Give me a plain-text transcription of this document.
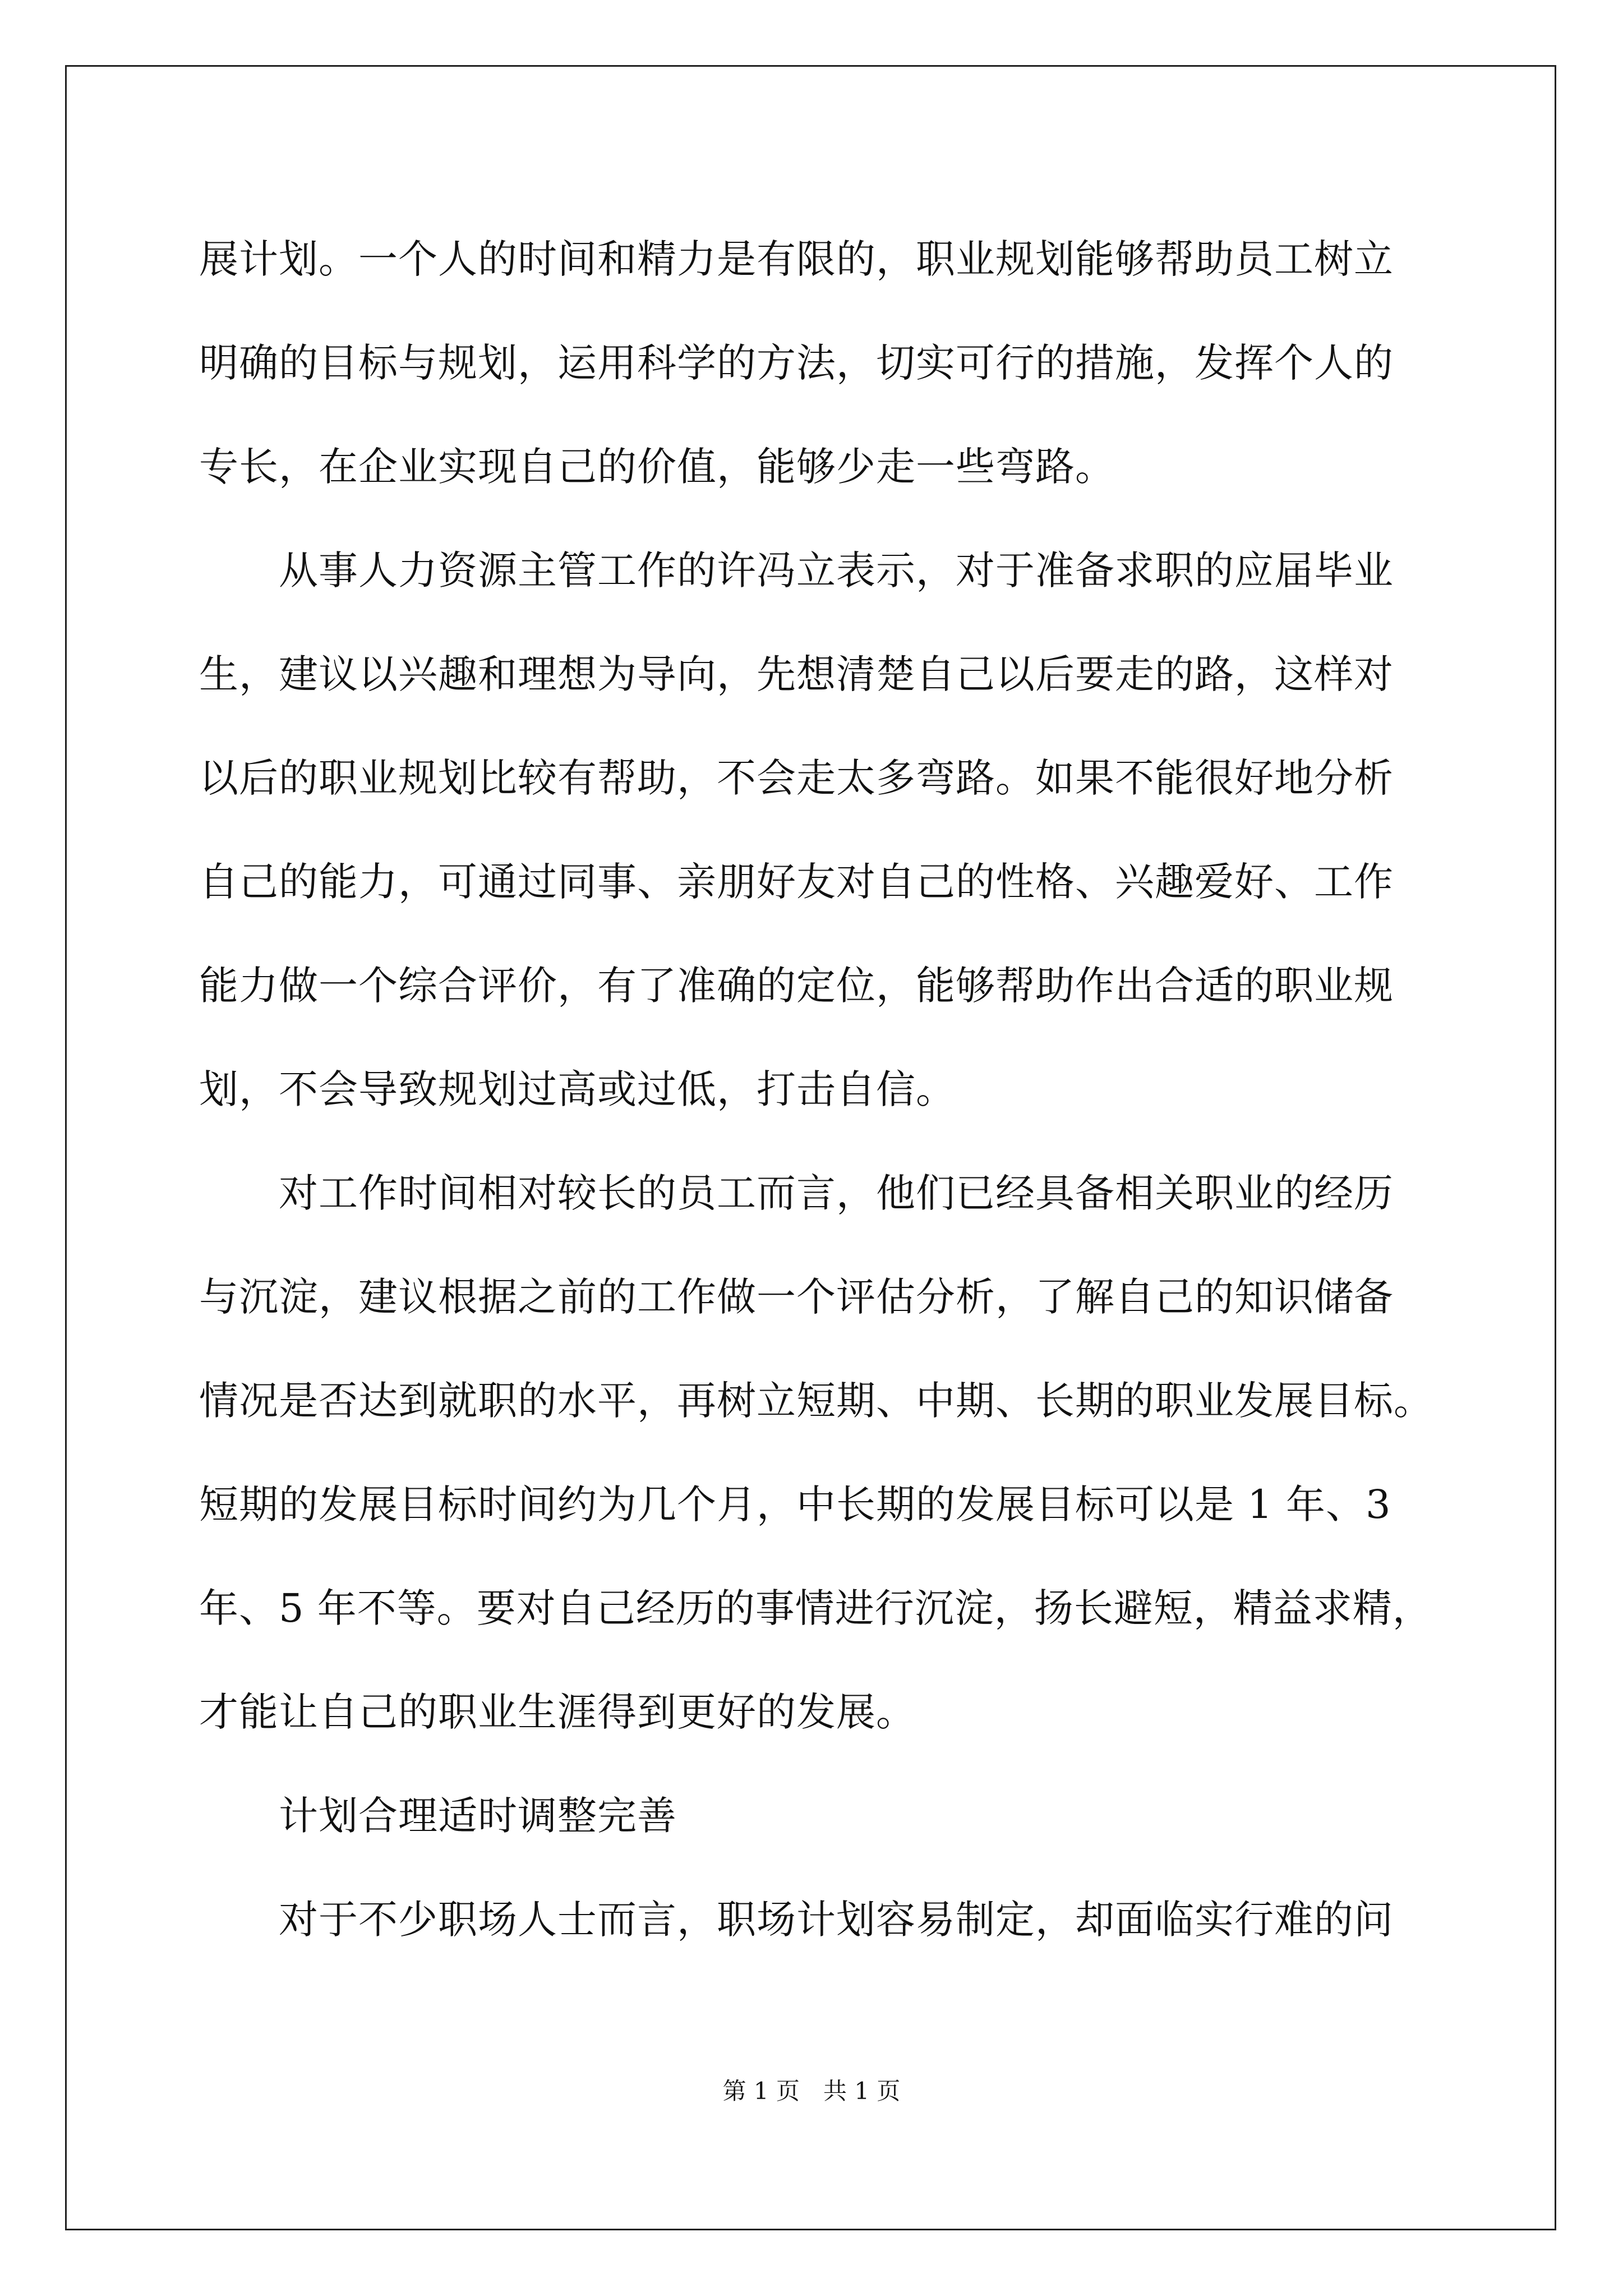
展计划。一个人的时间和精力是有限的，职业规划能够帮助员工树立
明确的目标与规划，运用科学的方法，切实可行的措施，发挥个人的
专长，在企业实现自己的价值，能够少走一些弯路。
　　从事人力资源主管工作的许冯立表示，对于准备求职的应届毕业
生，建议以兴趣和理想为导向，先想清楚自己以后要走的路，这样对
以后的职业规划比较有帮助，不会走太多弯路。如果不能很好地分析
自己的能力，可通过同事、亲朋好友对自己的性格、兴趣爱好、工作
能力做一个综合评价，有了准确的定位，能够帮助作出合适的职业规
划，不会导致规划过高或过低，打击自信。
　　对工作时间相对较长的员工而言，他们已经具备相关职业的经历
与沉淀，建议根据之前的工作做一个评估分析，了解自己的知识储备
情况是否达到就职的水平，再树立短期、中期、长期的职业发展目标。
短期的发展目标时间约为几个月，中长期的发展目标可以是 1 年、3
年、5 年不等。要对自己经历的事情进行沉淀，扬长避短，精益求精，
才能让自己的职业生涯得到更好的发展。
　　计划合理适时调整完善
　　对于不少职场人士而言，职场计划容易制定，却面临实行难的问
第 1 页　共 1 页
